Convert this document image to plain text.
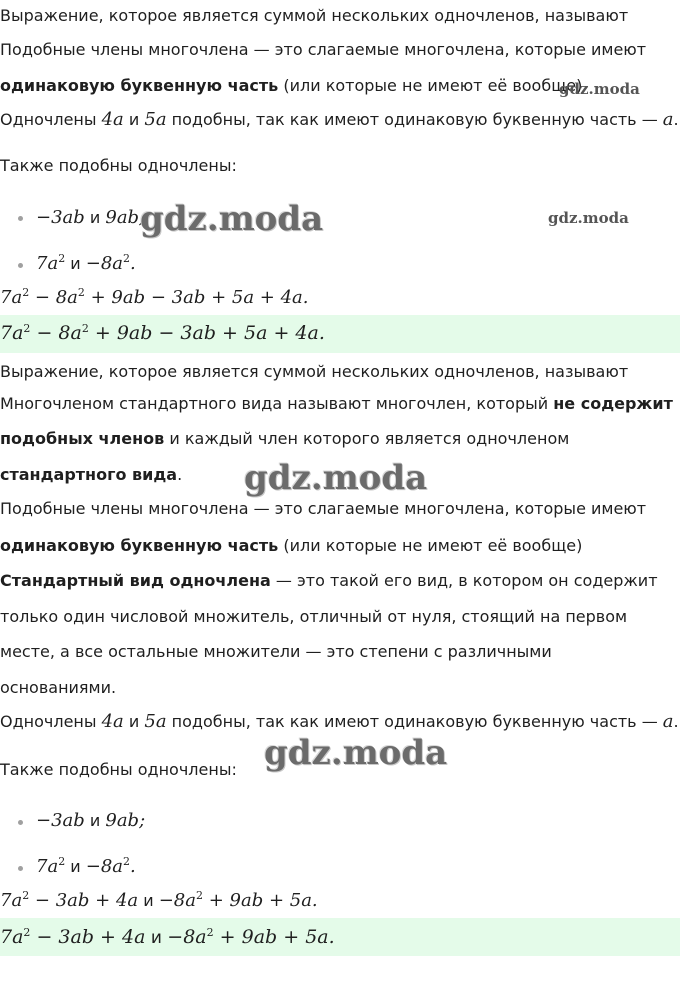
Выражение, которое является суммой нескольких одночленов, называют
Подобные члены многочлена — это слагаемые многочлена, которые имеют
одинаковую буквенную часть (или которые не имеют её вообще)
gdz.moda
Одночлены 4a и 5a подобны, так как имеют одинаковую буквенную часть — a.
Также подобны одночлены:
−3ab и 9ab;
gdz.moda	gdz.moda
$7a^2$ $и -8a^2$.
$7a^2 - 8a^2 + 9ab - 3ab + 5a + 4a$.
$7a^2 - 8a^2 + 9ab - 3ab + 5a + 4a$.
Выражение, которое является суммой нескольких одночленов, называют
Многочленом стандартного вида называют многочлен, который не содержит
подобных членов и каждый член которого является одночленом
стандартного вида. gdz.moda
Подобные члены многочлена — это слагаемые многочлена, которые имеют
одинаковую буквенную часть (или которые не имеют её вообще)
Стандартный вид одночлена — это такой его вид, в котором он содержит
только один числовой множитель, отличный от нуля, стоящий на первом
месте, а все остальные множители — это степени с различными
основаниями.
Одночлены 4a и 5a подобны, так как имеют одинаковую буквенную часть — a.
Также подобны одночлены: gdz.moda
−3ab и 9ab;
$7a^2$ $и -8a^2$.
$7a^2 - 3ab + 4a$ $и -8a^2 + 9ab + 5a$.
$7a^2 - 3ab + 4a$ $и -8a^2 + 9ab + 5a$.
